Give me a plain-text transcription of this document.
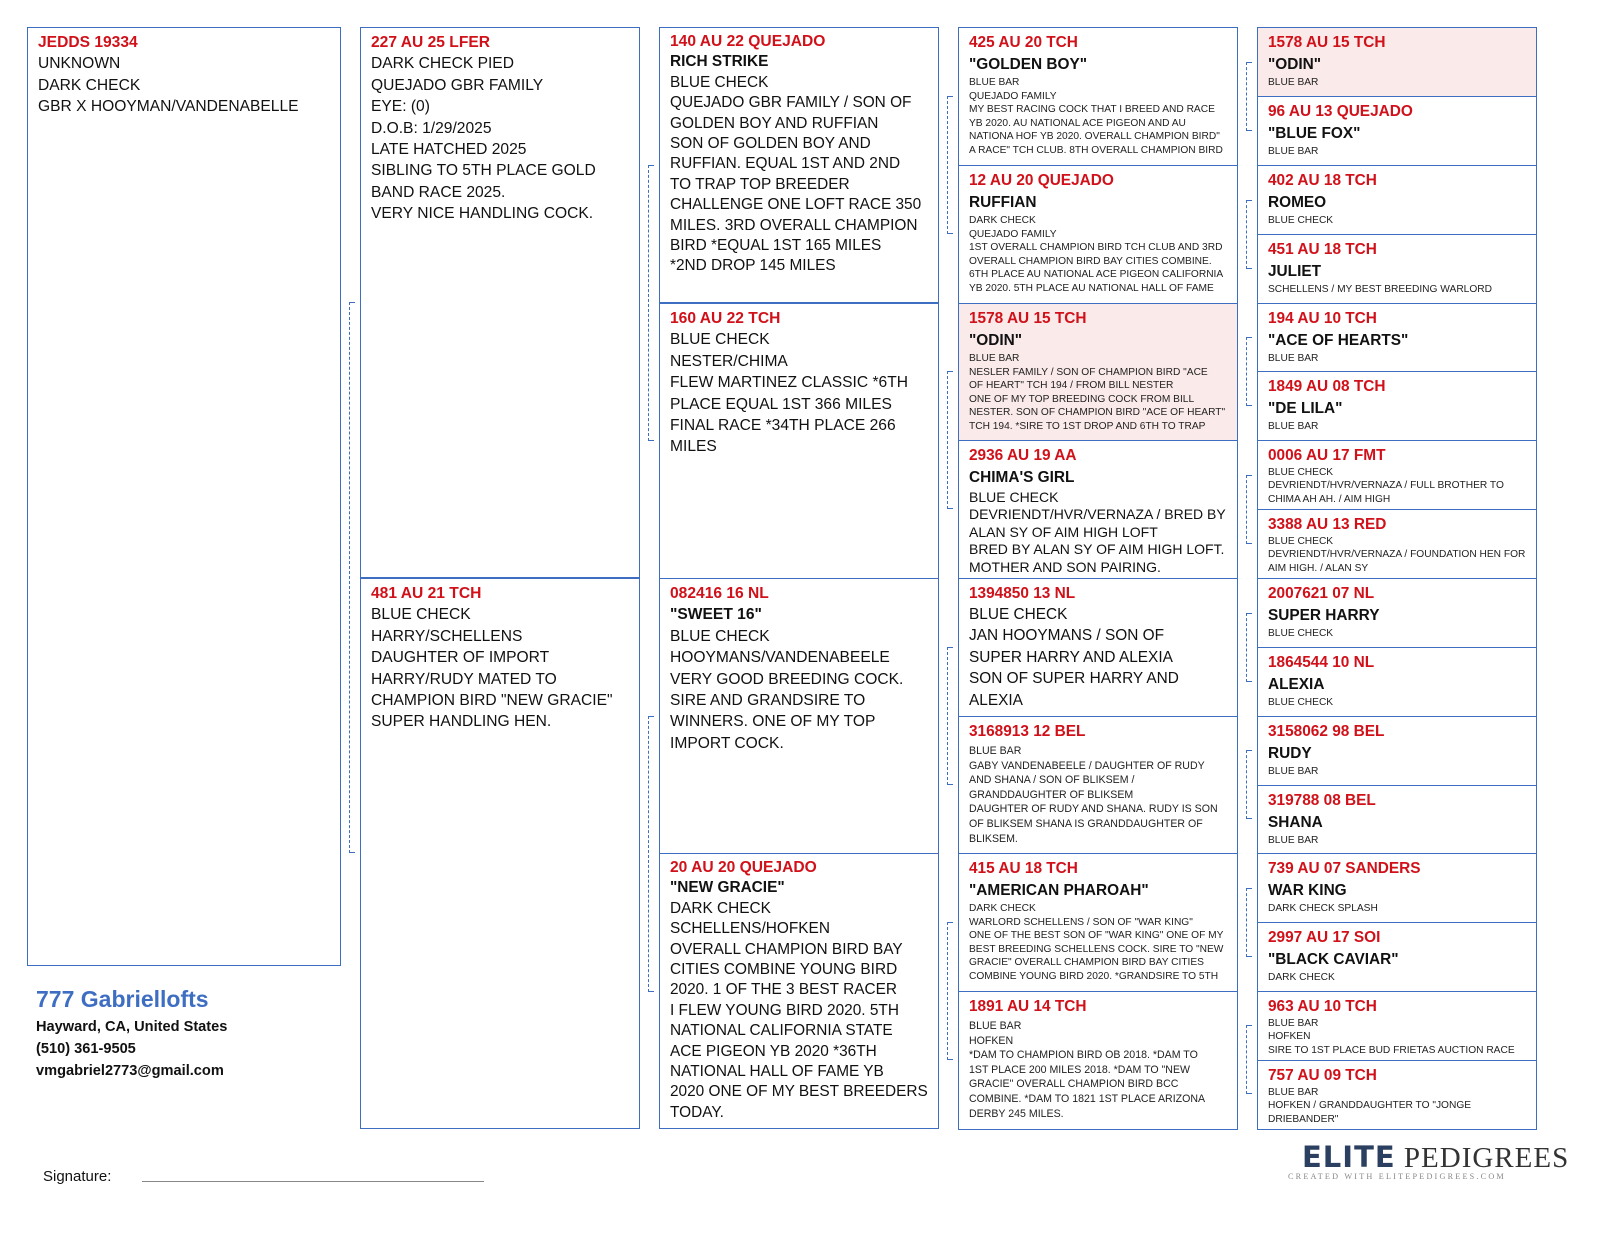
JEDDS 19334
UNKNOWN
DARK CHECK
GBR X HOOYMAN/VANDENABELLE
227 AU 25 LFER
DARK CHECK PIED
QUEJADO GBR FAMILY
EYE: (0)
D.O.B: 1/29/2025
LATE HATCHED 2025
SIBLING TO 5TH PLACE GOLD
BAND RACE 2025.
VERY NICE HANDLING COCK.
481 AU 21 TCH
BLUE CHECK
HARRY/SCHELLENS
DAUGHTER OF IMPORT
HARRY/RUDY MATED TO
CHAMPION BIRD "NEW GRACIE"
SUPER HANDLING HEN.
140 AU 22 QUEJADO
RICH STRIKE
BLUE CHECK
QUEJADO GBR FAMILY / SON OF
GOLDEN BOY AND RUFFIAN
SON OF GOLDEN BOY AND
RUFFIAN. EQUAL 1ST AND 2ND
TO TRAP TOP BREEDER
CHALLENGE ONE LOFT RACE 350
MILES. 3RD OVERALL CHAMPION
BIRD *EQUAL 1ST 165 MILES
*2ND DROP 145 MILES
160 AU 22 TCH
BLUE CHECK
NESTER/CHIMA
FLEW MARTINEZ CLASSIC *6TH
PLACE EQUAL 1ST 366 MILES
FINAL RACE *34TH PLACE 266
MILES
082416 16 NL
"SWEET 16"
BLUE CHECK
HOOYMANS/VANDENABEELE
VERY GOOD BREEDING COCK.
SIRE AND GRANDSIRE TO
WINNERS. ONE OF MY TOP
IMPORT COCK.
20 AU 20 QUEJADO
"NEW GRACIE"
DARK CHECK
SCHELLENS/HOFKEN
OVERALL CHAMPION BIRD BAY
CITIES COMBINE YOUNG BIRD
2020. 1 OF THE 3 BEST RACER
I FLEW YOUNG BIRD 2020. 5TH
NATIONAL CALIFORNIA STATE
ACE PIGEON YB 2020 *36TH
NATIONAL HALL OF FAME YB
2020 ONE OF MY BEST BREEDERS
TODAY.
425 AU 20 TCH
"GOLDEN BOY"
BLUE BAR
QUEJADO FAMILY
MY BEST RACING COCK THAT I BREED AND RACE
YB 2020. AU NATIONAL ACE PIGEON AND AU
NATIONA HOF YB 2020. OVERALL CHAMPION BIRD"
A RACE" TCH CLUB. 8TH OVERALL CHAMPION BIRD
12 AU 20 QUEJADO
RUFFIAN
DARK CHECK
QUEJADO FAMILY
1ST OVERALL CHAMPION BIRD TCH CLUB AND 3RD
OVERALL CHAMPION BIRD BAY CITIES COMBINE.
6TH PLACE AU NATIONAL ACE PIGEON CALIFORNIA
YB 2020. 5TH PLACE AU NATIONAL HALL OF FAME
1578 AU 15 TCH
"ODIN"
BLUE BAR
NESLER FAMILY / SON OF CHAMPION BIRD "ACE
OF HEART" TCH 194 / FROM BILL NESTER
ONE OF MY TOP BREEDING COCK FROM BILL
NESTER. SON OF CHAMPION BIRD "ACE OF HEART"
TCH 194. *SIRE TO 1ST DROP AND 6TH TO TRAP
2936 AU 19 AA
CHIMA'S GIRL
BLUE CHECK
DEVRIENDT/HVR/VERNAZA / BRED BY
ALAN SY OF AIM HIGH LOFT
BRED BY ALAN SY OF AIM HIGH LOFT.
MOTHER AND SON PAIRING.
1394850 13 NL
BLUE CHECK
JAN HOOYMANS / SON OF
SUPER HARRY AND ALEXIA
SON OF SUPER HARRY AND
ALEXIA
3168913 12 BEL
BLUE BAR
GABY VANDENABEELE / DAUGHTER OF RUDY
AND SHANA / SON OF BLIKSEM /
GRANDDAUGHTER OF BLIKSEM
DAUGHTER OF RUDY AND SHANA. RUDY IS SON
OF BLIKSEM SHANA IS GRANDDAUGHTER OF
BLIKSEM.
415 AU 18 TCH
"AMERICAN PHAROAH"
DARK CHECK
WARLORD SCHELLENS / SON OF "WAR KING"
ONE OF THE BEST SON OF "WAR KING" ONE OF MY
BEST BREEDING SCHELLENS COCK. SIRE TO "NEW
GRACIE" OVERALL CHAMPION BIRD BAY CITIES
COMBINE YOUNG BIRD 2020. *GRANDSIRE TO 5TH
1891 AU 14 TCH
BLUE BAR
HOFKEN
*DAM TO CHAMPION BIRD OB 2018. *DAM TO
1ST PLACE 200 MILES 2018. *DAM TO "NEW
GRACIE" OVERALL CHAMPION BIRD BCC
COMBINE. *DAM TO 1821 1ST PLACE ARIZONA
DERBY 245 MILES.
1578 AU 15 TCH
"ODIN"
BLUE BAR
96 AU 13 QUEJADO
"BLUE FOX"
BLUE BAR
402 AU 18 TCH
ROMEO
BLUE CHECK
451 AU 18 TCH
JULIET
SCHELLENS / MY BEST BREEDING WARLORD
194 AU 10 TCH
"ACE OF HEARTS"
BLUE BAR
1849 AU 08 TCH
"DE LILA"
BLUE BAR
0006 AU 17 FMT
BLUE CHECK
DEVRIENDT/HVR/VERNAZA / FULL BROTHER TO
CHIMA AH AH. / AIM HIGH
3388 AU 13 RED
BLUE CHECK
DEVRIENDT/HVR/VERNAZA / FOUNDATION HEN FOR
AIM HIGH. / ALAN SY
2007621 07 NL
SUPER HARRY
BLUE CHECK
1864544 10 NL
ALEXIA
BLUE CHECK
3158062 98 BEL
RUDY
BLUE BAR
319788 08 BEL
SHANA
BLUE BAR
739 AU 07 SANDERS
WAR KING
DARK CHECK SPLASH
2997 AU 17 SOI
"BLACK CAVIAR"
DARK CHECK
963 AU 10 TCH
BLUE BAR
HOFKEN
SIRE TO 1ST PLACE BUD FRIETAS AUCTION RACE
757 AU 09 TCH
BLUE BAR
HOFKEN / GRANDDAUGHTER TO "JONGE
DRIEBANDER"
777 Gabriellofts
Hayward, CA, United States
(510) 361-9505
vmgabriel2773@gmail.com
Signature:
ELITE PEDIGREES
CREATED WITH ELITEPEDIGREES.COM
